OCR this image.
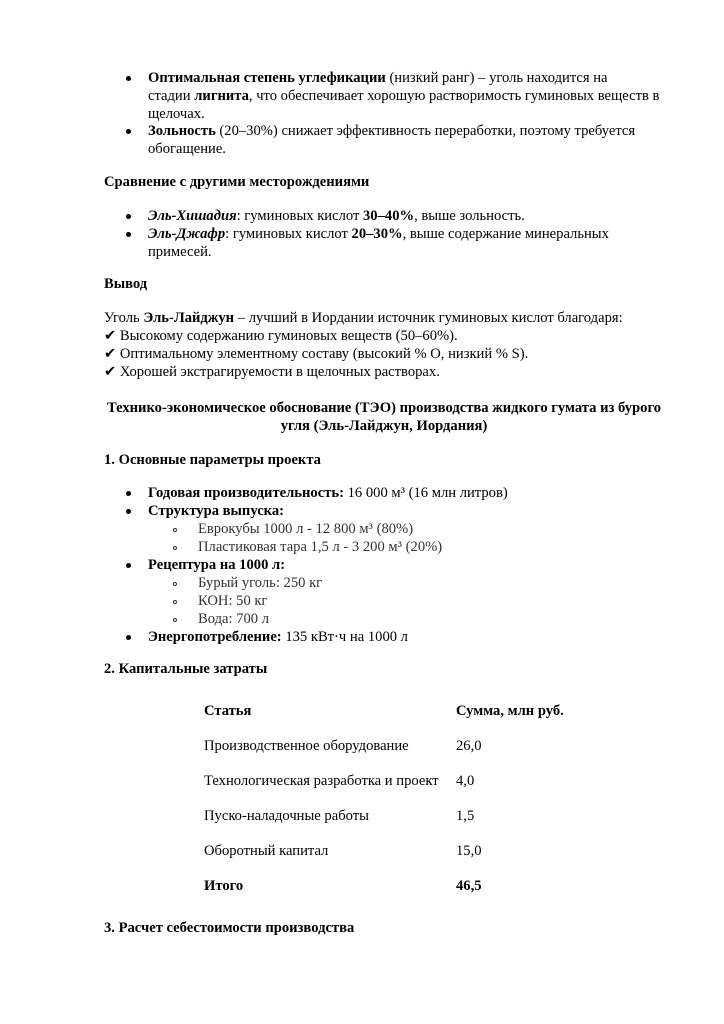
Оптимальная степень углефикации (низкий ранг) – уголь находится на
стадии лигнита, что обеспечивает хорошую растворимость гуминовых веществ в
щелочах.
Зольность (20–30%) снижает эффективность переработки, поэтому требуется
обогащение.
Сравнение с другими месторождениями
Эль-Хишадия: гуминовых кислот 30–40%, выше зольность.
Эль-Джафр: гуминовых кислот 20–30%, выше содержание минеральных
примесей.
Вывод
Уголь Эль-Лайджун – лучший в Иордании источник гуминовых кислот благодаря:
✔ Высокому содержанию гуминовых веществ (50–60%).
✔ Оптимальному элементному составу (высокий % О, низкий % S).
✔ Хорошей экстрагируемости в щелочных растворах.
Технико-экономическое обоснование (ТЭО) производства жидкого гумата из бурого
угля (Эль-Лайджун, Иордания)
1. Основные параметры проекта
Годовая производительность: 16 000 м³ (16 млн литров)
Структура выпуска:
Еврокубы 1000 л - 12 800 м³ (80%)
Пластиковая тара 1,5 л - 3 200 м³ (20%)
Рецептура на 1000 л:
Бурый уголь: 250 кг
КОН: 50 кг
Вода: 700 л
Энергопотребление: 135 кВт·ч на 1000 л
2. Капитальные затраты
Статья	Сумма, млн руб.
Производственное оборудование	26,0
Технологическая разработка и проект 4,0
Пуско-наладочные работы	1,5
Оборотный капитал	15,0
Итого	46,5
3. Расчет себестоимости производства
